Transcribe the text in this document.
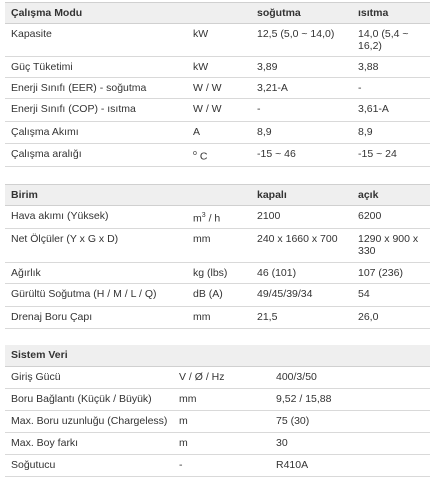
Çalışma Modu		soğutma	ısıtma

Kapasite	kW	12,5 (5,0 ~ 14,0)	14,0 (5,4 ~ 16,2)

Güç Tüketimi	kW	3,89	3,88

Enerji Sınıfı (EER) - soğutma	W / W	3,21-A	-

Enerji Sınıfı (COP) - ısıtma	W / W	-	3,61-A

Çalışma Akımı	A	8,9	8,9

Çalışma aralığı	$^o$ C	-15 ~ 46	-15 ~ 24
Birim		kapalı	açık

Hava akımı (Yüksek)	$m^3$ / h	2100	6200

Net Ölçüler (Y x G x D)	mm	240 x 1660 x 700	1290 x 900 x 330

Ağırlık	kg (lbs)	46 (101)	107 (236)

Gürültü Soğutma (H / M / L / Q)	dB (A)	49/45/39/34	54

Drenaj Boru Çapı	mm	21,5	26,0
Sistem Veri		

Giriş Gücü	V / Ø / Hz	400/3/50

Boru Bağlantı (Küçük / Büyük)	mm	9,52 / 15,88

Max. Boru uzunluğu (Chargeless)	m	75 (30)

Max. Boy farkı	m	30

Soğutucu	-	R410A
